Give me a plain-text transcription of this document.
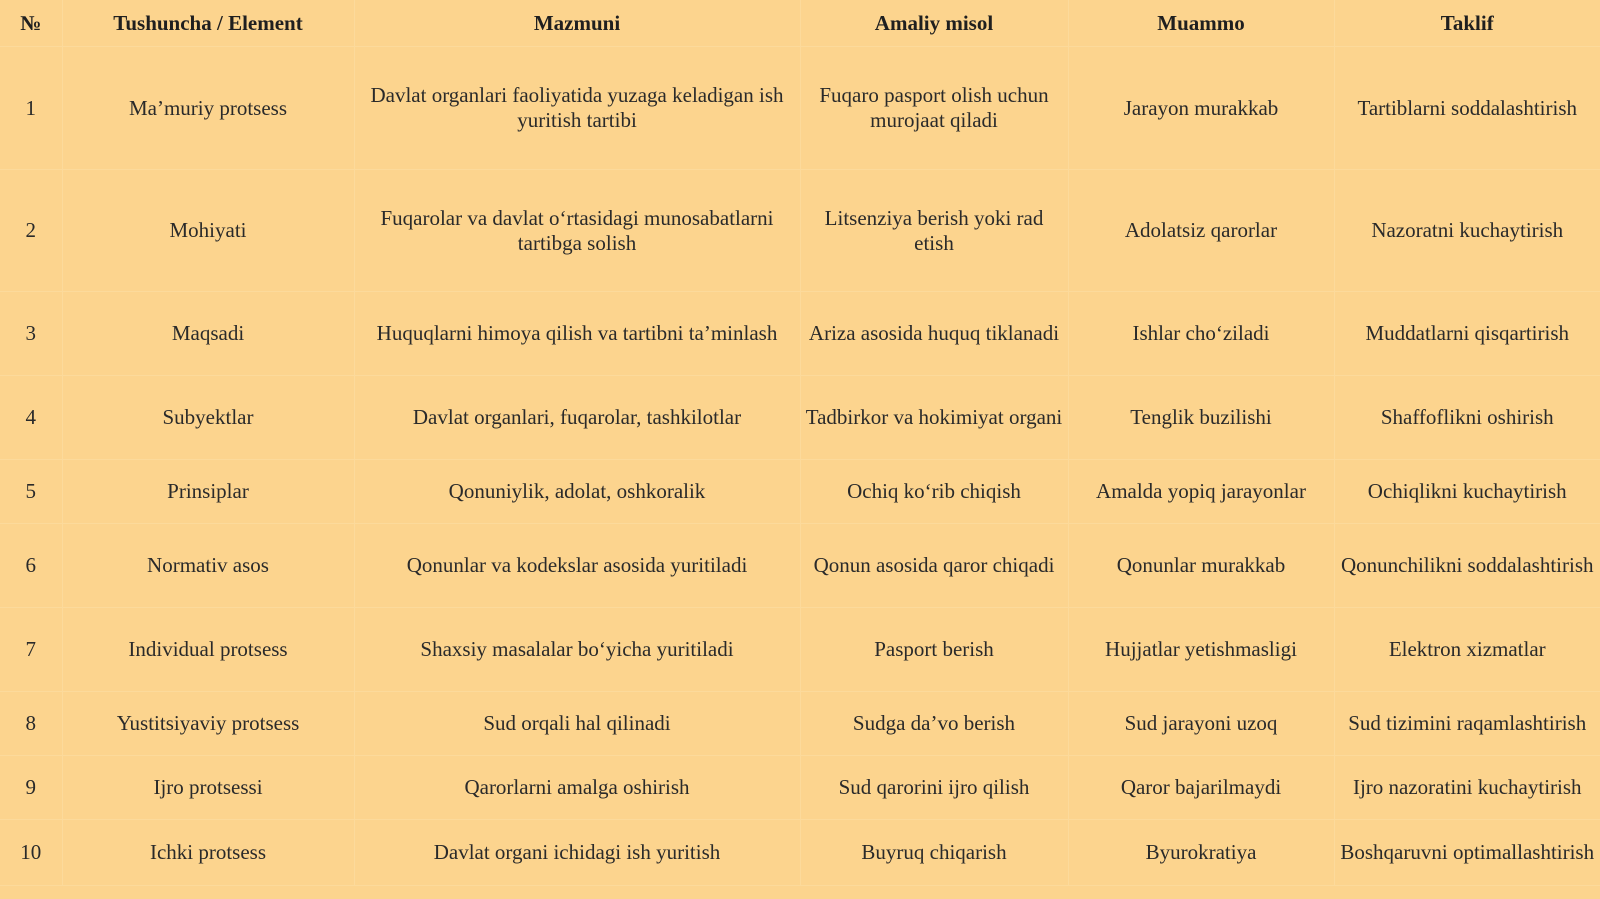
№	Tushuncha / Element	Mazmuni	Amaliy misol	Muammo	Taklif
1	Ma’muriy protsess	Davlat organlari faoliyatida yuzaga keladigan ish yuritish tartibi	Fuqaro pasport olish uchun murojaat qiladi	Jarayon murakkab	Tartiblarni soddalashtirish
2	Mohiyati	Fuqarolar va davlat o‘rtasidagi munosabatlarni tartibga solish	Litsenziya berish yoki rad etish	Adolatsiz qarorlar	Nazoratni kuchaytirish
3	Maqsadi	Huquqlarni himoya qilish va tartibni ta’minlash	Ariza asosida huquq tiklanadi	Ishlar cho‘ziladi	Muddatlarni qisqartirish
4	Subyektlar	Davlat organlari, fuqarolar, tashkilotlar	Tadbirkor va hokimiyat organi	Tenglik buzilishi	Shaffoflikni oshirish
5	Prinsiplar	Qonuniylik, adolat, oshkoralik	Ochiq ko‘rib chiqish	Amalda yopiq jarayonlar	Ochiqlikni kuchaytirish
6	Normativ asos	Qonunlar va kodekslar asosida yuritiladi	Qonun asosida qaror chiqadi	Qonunlar murakkab	Qonunchilikni soddalashtirish
7	Individual protsess	Shaxsiy masalalar bo‘yicha yuritiladi	Pasport berish	Hujjatlar yetishmasligi	Elektron xizmatlar
8	Yustitsiyaviy protsess	Sud orqali hal qilinadi	Sudga da’vo berish	Sud jarayoni uzoq	Sud tizimini raqamlashtirish
9	Ijro protsessi	Qarorlarni amalga oshirish	Sud qarorini ijro qilish	Qaror bajarilmaydi	Ijro nazoratini kuchaytirish
10	Ichki protsess	Davlat organi ichidagi ish yuritish	Buyruq chiqarish	Byurokratiya	Boshqaruvni optimallashtirish
